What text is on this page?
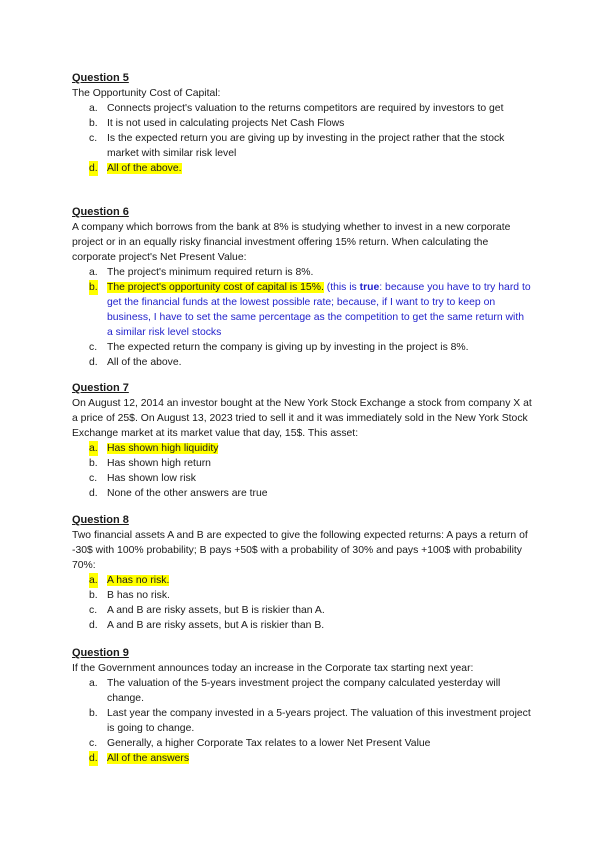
Question 5

The Opportunity Cost of Capital:

a. Connects project's valuation to the returns competitors are required by investors to get
b. It is not used in calculating projects Net Cash Flows
c. Is the expected return you are giving up by investing in the project rather that the stock market with similar risk level
d. All of the above.

Question 6

A company which borrows from the bank at 8% is studying whether to invest in a new corporate project or in an equally risky financial investment offering 15% return. When calculating the corporate project's Net Present Value:

a. The project's minimum required return is 8%.
b. The project's opportunity cost of capital is 15%. (this is true: because you have to try hard to get the financial funds at the lowest possible rate; because, if I want to try to keep on business, I have to set the same percentage as the competition to get the same return with a similar risk level stocks
c. The expected return the company is giving up by investing in the project is 8%.
d. All of the above.

Question 7

On August 12, 2014 an investor bought at the New York Stock Exchange a stock from company X at a price of 25$. On August 13, 2023 tried to sell it and it was immediately sold in the New York Stock Exchange market at its market value that day, 15$. This asset:

a. Has shown high liquidity
b. Has shown high return
c. Has shown low risk
d. None of the other answers are true

Question 8

Two financial assets A and B are expected to give the following expected returns: A pays a return of -30$ with 100% probability; B pays +50$ with a probability of 30% and pays +100$ with probability 70%:

a. A has no risk.
b. B has no risk.
c. A and B are risky assets, but B is riskier than A.
d. A and B are risky assets, but A is riskier than B.

Question 9

If the Government announces today an increase in the Corporate tax starting next year:

a. The valuation of the 5-years investment project the company calculated yesterday will change.
b. Last year the company invested in a 5-years project. The valuation of this investment project is going to change.
c. Generally, a higher Corporate Tax relates to a lower Net Present Value
d. All of the answers
